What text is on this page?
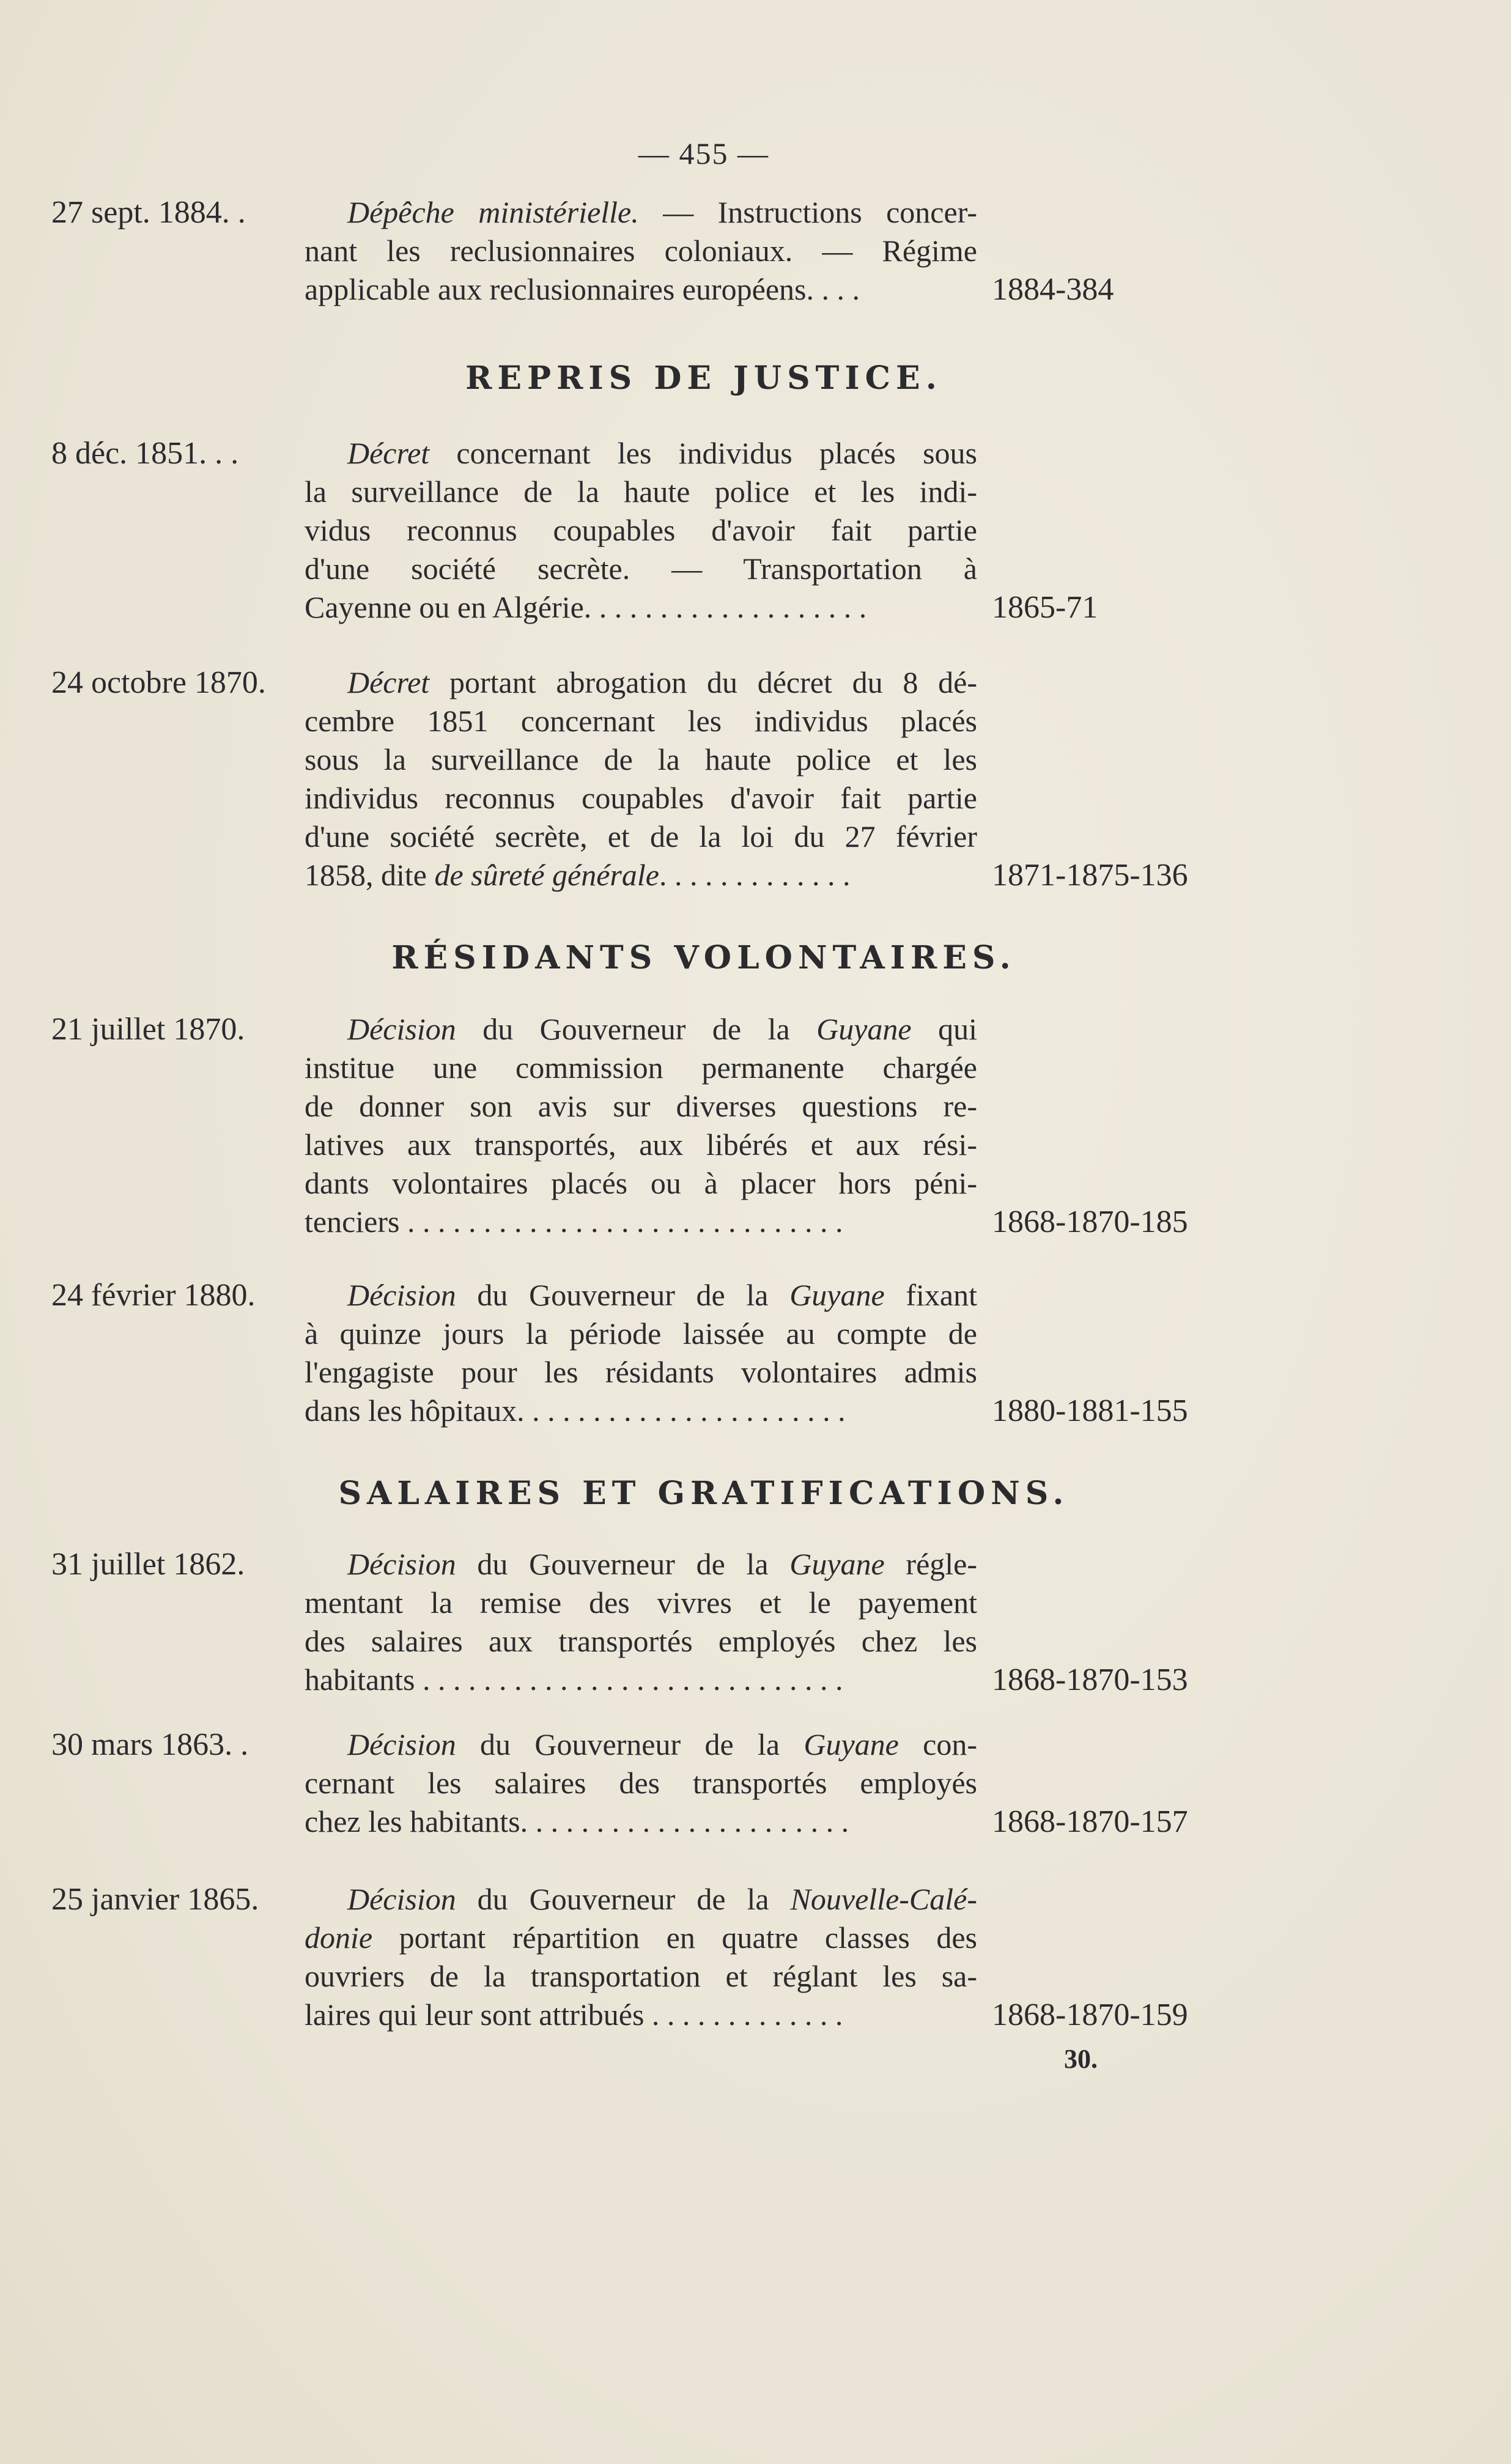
— 455 —
27 sept. 1884. .	Dépêche ministérielle. — Instructions concer-
nant les reclusionnaires coloniaux. — Régime
applicable aux reclusionnaires européens. . . .	1884-384
REPRIS DE JUSTICE.
8 déc. 1851. . .	Décret concernant les individus placés sous
la surveillance de la haute police et les indi-
vidus reconnus coupables d'avoir fait partie
d'une société secrète. — Transportation à
Cayenne ou en Algérie. . . . . . . . . . . . . . . . . . .	1865-71
24 octobre 1870.	Décret portant abrogation du décret du 8 dé-
cembre 1851 concernant les individus placés
sous la surveillance de la haute police et les
individus reconnus coupables d'avoir fait partie
d'une société secrète, et de la loi du 27 février
1858, dite de sûreté générale. . . . . . . . . . . . .	1871-1875-136
RÉSIDANTS VOLONTAIRES.
21 juillet 1870.	Décision du Gouverneur de la Guyane qui
institue une commission permanente chargée
de donner son avis sur diverses questions re-
latives aux transportés, aux libérés et aux rési-
dants volontaires placés ou à placer hors péni-
tenciers . . . . . . . . . . . . . . . . . . . . . . . . . . . . .	1868-1870-185
24 février 1880.	Décision du Gouverneur de la Guyane fixant
à quinze jours la période laissée au compte de
l'engagiste pour les résidants volontaires admis
dans les hôpitaux. . . . . . . . . . . . . . . . . . . . . .	1880-1881-155
SALAIRES ET GRATIFICATIONS.
31 juillet 1862.	Décision du Gouverneur de la Guyane régle-
mentant la remise des vivres et le payement
des salaires aux transportés employés chez les
habitants . . . . . . . . . . . . . . . . . . . . . . . . . . . .	1868-1870-153
30 mars 1863. .	Décision du Gouverneur de la Guyane con-
cernant les salaires des transportés employés
chez les habitants. . . . . . . . . . . . . . . . . . . . . .	1868-1870-157
25 janvier 1865.	Décision du Gouverneur de la Nouvelle-Calé-
donie portant répartition en quatre classes des
ouvriers de la transportation et réglant les sa-
laires qui leur sont attribués . . . . . . . . . . . . .	1868-1870-159
30.
